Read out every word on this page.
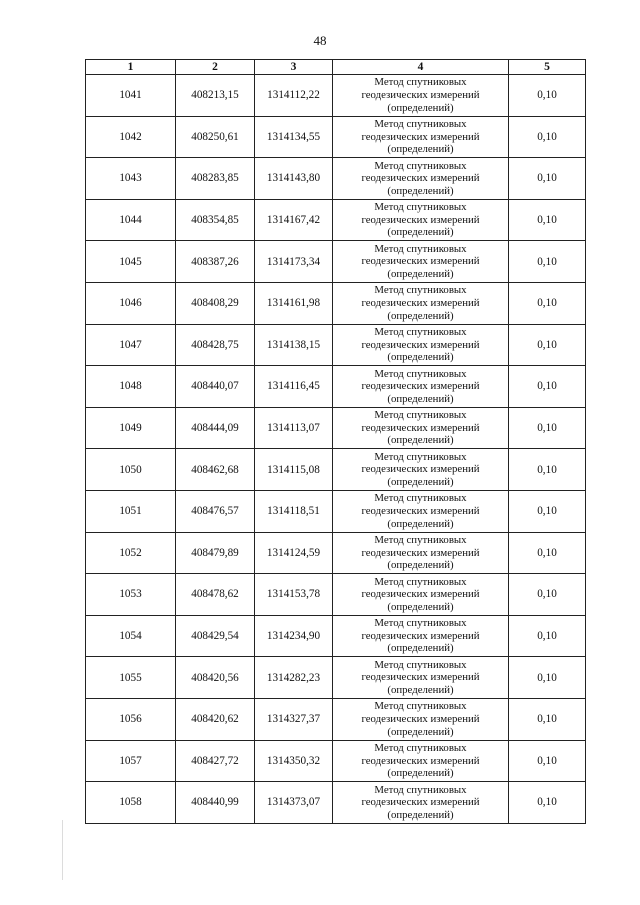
48
1	2	3	4	5
1041	408213,15	1314112,22	Метод спутниковых
геодезических измерений
(определений)	0,10
1042	408250,61	1314134,55	Метод спутниковых
геодезических измерений
(определений)	0,10
1043	408283,85	1314143,80	Метод спутниковых
геодезических измерений
(определений)	0,10
1044	408354,85	1314167,42	Метод спутниковых
геодезических измерений
(определений)	0,10
1045	408387,26	1314173,34	Метод спутниковых
геодезических измерений
(определений)	0,10
1046	408408,29	1314161,98	Метод спутниковых
геодезических измерений
(определений)	0,10
1047	408428,75	1314138,15	Метод спутниковых
геодезических измерений
(определений)	0,10
1048	408440,07	1314116,45	Метод спутниковых
геодезических измерений
(определений)	0,10
1049	408444,09	1314113,07	Метод спутниковых
геодезических измерений
(определений)	0,10
1050	408462,68	1314115,08	Метод спутниковых
геодезических измерений
(определений)	0,10
1051	408476,57	1314118,51	Метод спутниковых
геодезических измерений
(определений)	0,10
1052	408479,89	1314124,59	Метод спутниковых
геодезических измерений
(определений)	0,10
1053	408478,62	1314153,78	Метод спутниковых
геодезических измерений
(определений)	0,10
1054	408429,54	1314234,90	Метод спутниковых
геодезических измерений
(определений)	0,10
1055	408420,56	1314282,23	Метод спутниковых
геодезических измерений
(определений)	0,10
1056	408420,62	1314327,37	Метод спутниковых
геодезических измерений
(определений)	0,10
1057	408427,72	1314350,32	Метод спутниковых
геодезических измерений
(определений)	0,10
1058	408440,99	1314373,07	Метод спутниковых
геодезических измерений
(определений)	0,10
